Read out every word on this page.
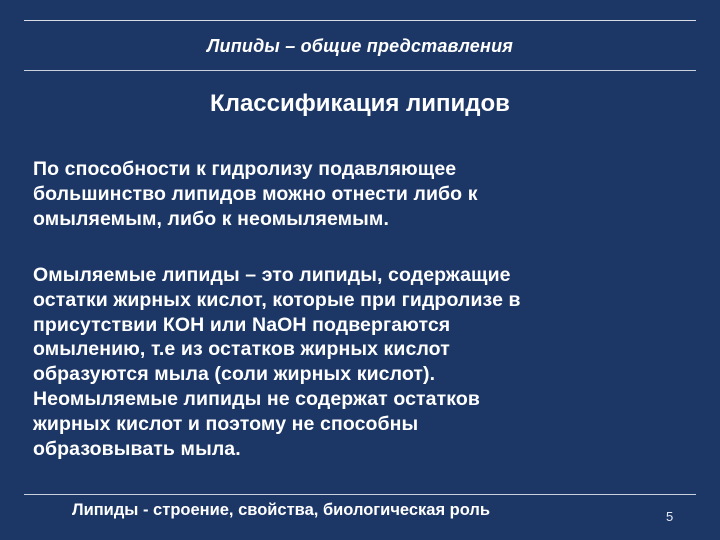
Липиды – общие представления
Классификация липидов
По способности к гидролизу подавляющее
большинство липидов можно отнести либо к
омыляемым, либо к неомыляемым.
Омыляемые липиды – это липиды, содержащие
остатки жирных кислот, которые при гидролизе в
присутствии КОН или NaOH подвергаются
омылению, т.е из остатков жирных кислот
образуются мыла (соли жирных кислот).
Неомыляемые липиды не содержат остатков
жирных кислот и поэтому не способны
образовывать мыла.
Липиды - строение, свойства, биологическая роль	5
